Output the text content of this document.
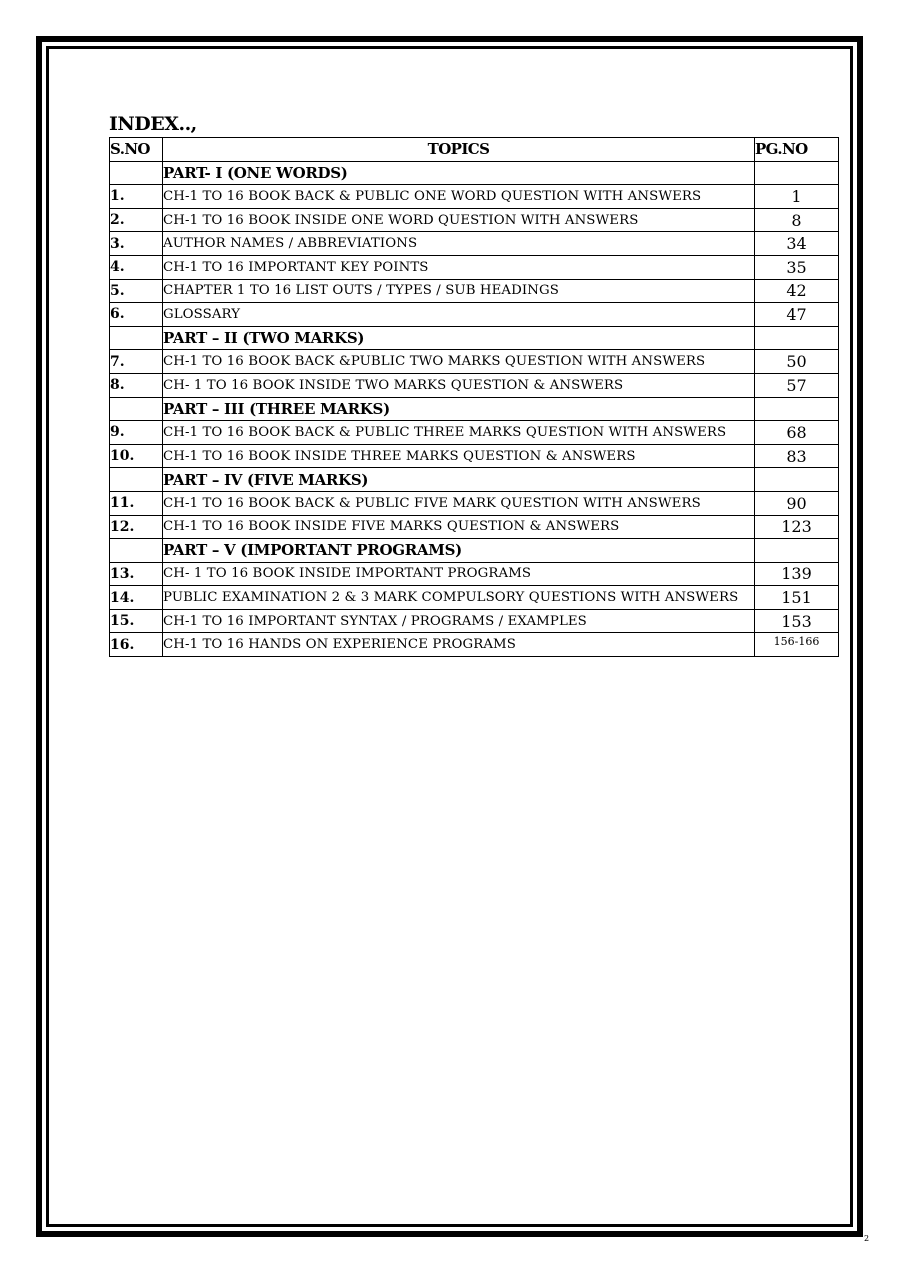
INDEX..,
S.NO	TOPICS	PG.NO
	PART- I (ONE WORDS)	
1.	CH-1 TO 16 BOOK BACK & PUBLIC ONE WORD QUESTION WITH ANSWERS	1
2.	CH-1 TO 16 BOOK INSIDE ONE WORD QUESTION WITH ANSWERS	8
3.	AUTHOR NAMES / ABBREVIATIONS	34
4.	CH-1 TO 16 IMPORTANT KEY POINTS	35
5.	CHAPTER 1 TO 16 LIST OUTS / TYPES / SUB HEADINGS	42
6.	GLOSSARY	47
	PART – II (TWO MARKS)	
7.	CH-1 TO 16 BOOK BACK &PUBLIC TWO MARKS QUESTION WITH ANSWERS	50
8.	CH- 1 TO 16 BOOK INSIDE TWO MARKS QUESTION & ANSWERS	57
	PART – III (THREE MARKS)	
9.	CH-1 TO 16 BOOK BACK & PUBLIC THREE MARKS QUESTION WITH ANSWERS	68
10.	CH-1 TO 16 BOOK INSIDE THREE MARKS QUESTION & ANSWERS	83
	PART – IV (FIVE MARKS)	
11.	CH-1 TO 16 BOOK BACK & PUBLIC FIVE MARK QUESTION WITH ANSWERS	90
12.	CH-1 TO 16 BOOK INSIDE FIVE MARKS QUESTION & ANSWERS	123
	PART – V (IMPORTANT PROGRAMS)	
13.	CH- 1 TO 16 BOOK INSIDE IMPORTANT PROGRAMS	139
14.	PUBLIC EXAMINATION 2 & 3 MARK COMPULSORY QUESTIONS WITH ANSWERS	151
15.	CH-1 TO 16 IMPORTANT SYNTAX / PROGRAMS / EXAMPLES	153
16.	CH-1 TO 16 HANDS ON EXPERIENCE PROGRAMS	156-166
2
